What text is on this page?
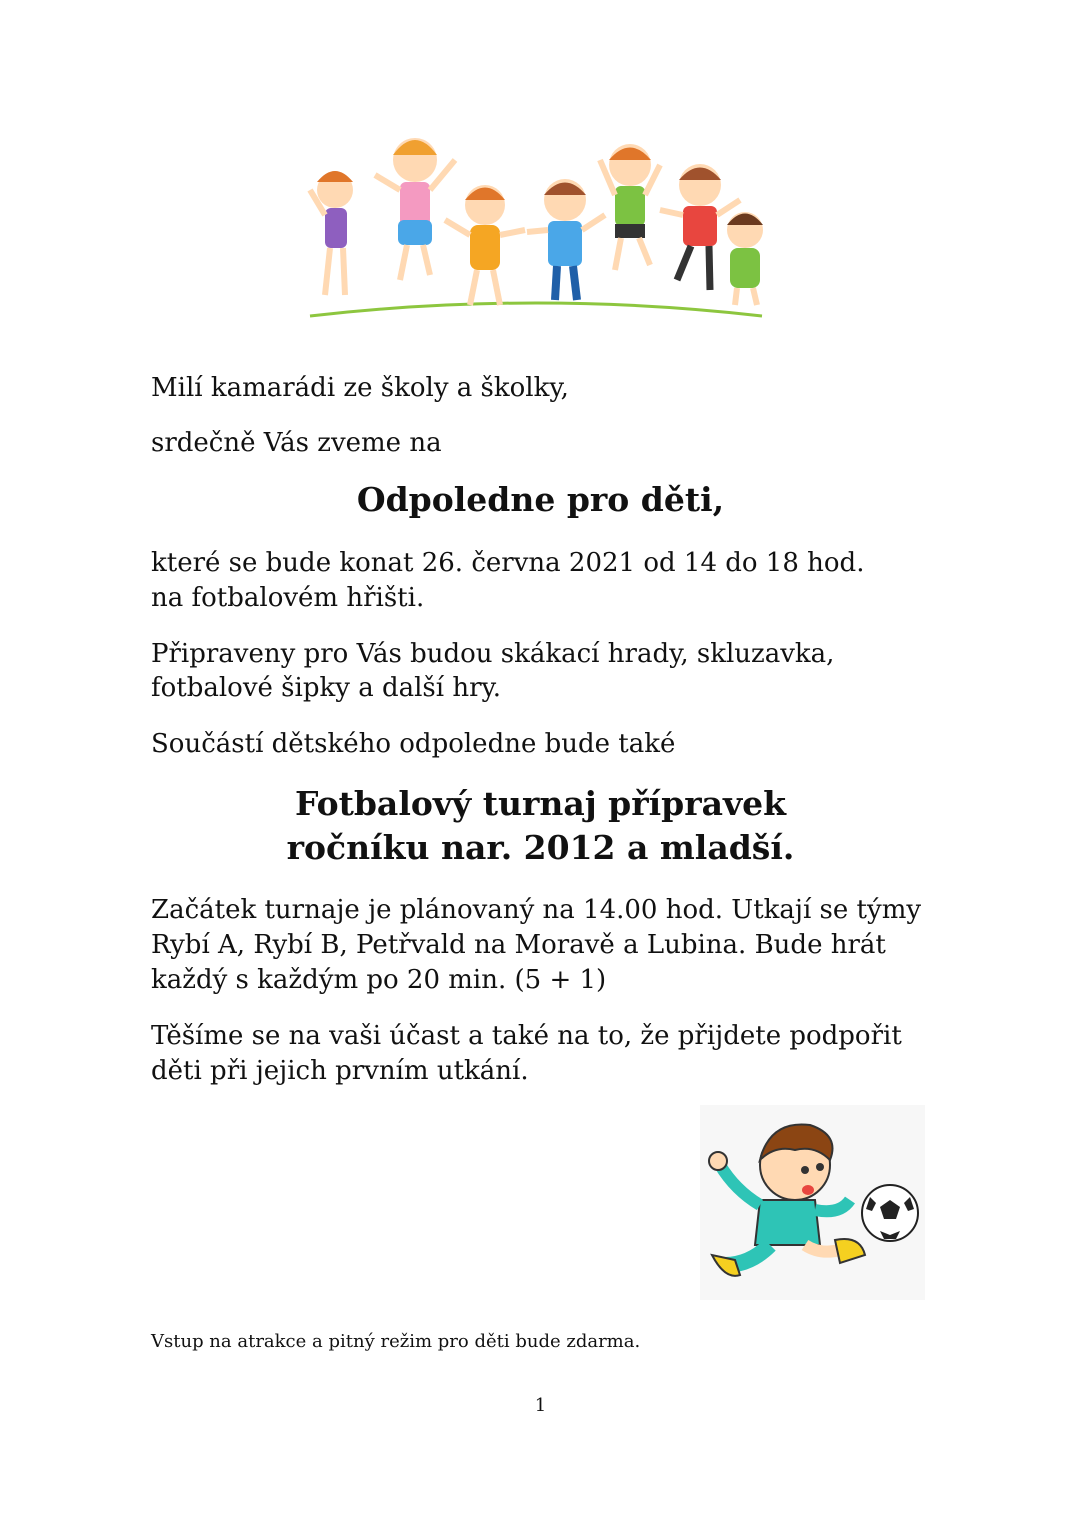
Milí kamarádi ze školy a školky,

srdečně Vás zveme na

Odpoledne pro děti,

které se bude konat 26. června 2021 od 14 do 18 hod.

na fotbalovém hřišti.

Připraveny pro Vás budou skákací hrady, skluzavka,

fotbalové šipky a další hry.

Součástí dětského odpoledne bude také

Fotbalový turnaj přípravek
ročníku nar. 2012 a mladší.

Začátek turnaje je plánovaný na 14.00 hod. Utkají se týmy

Rybí A, Rybí B, Petřvald na Moravě a Lubina. Bude hrát

každý s každým po 20 min. (5 + 1)

Těšíme se na vaši účast a také na to, že přijdete podpořit

děti při jejich prvním utkání.

Vstup na atrakce a pitný režim pro děti bude zdarma.

1
